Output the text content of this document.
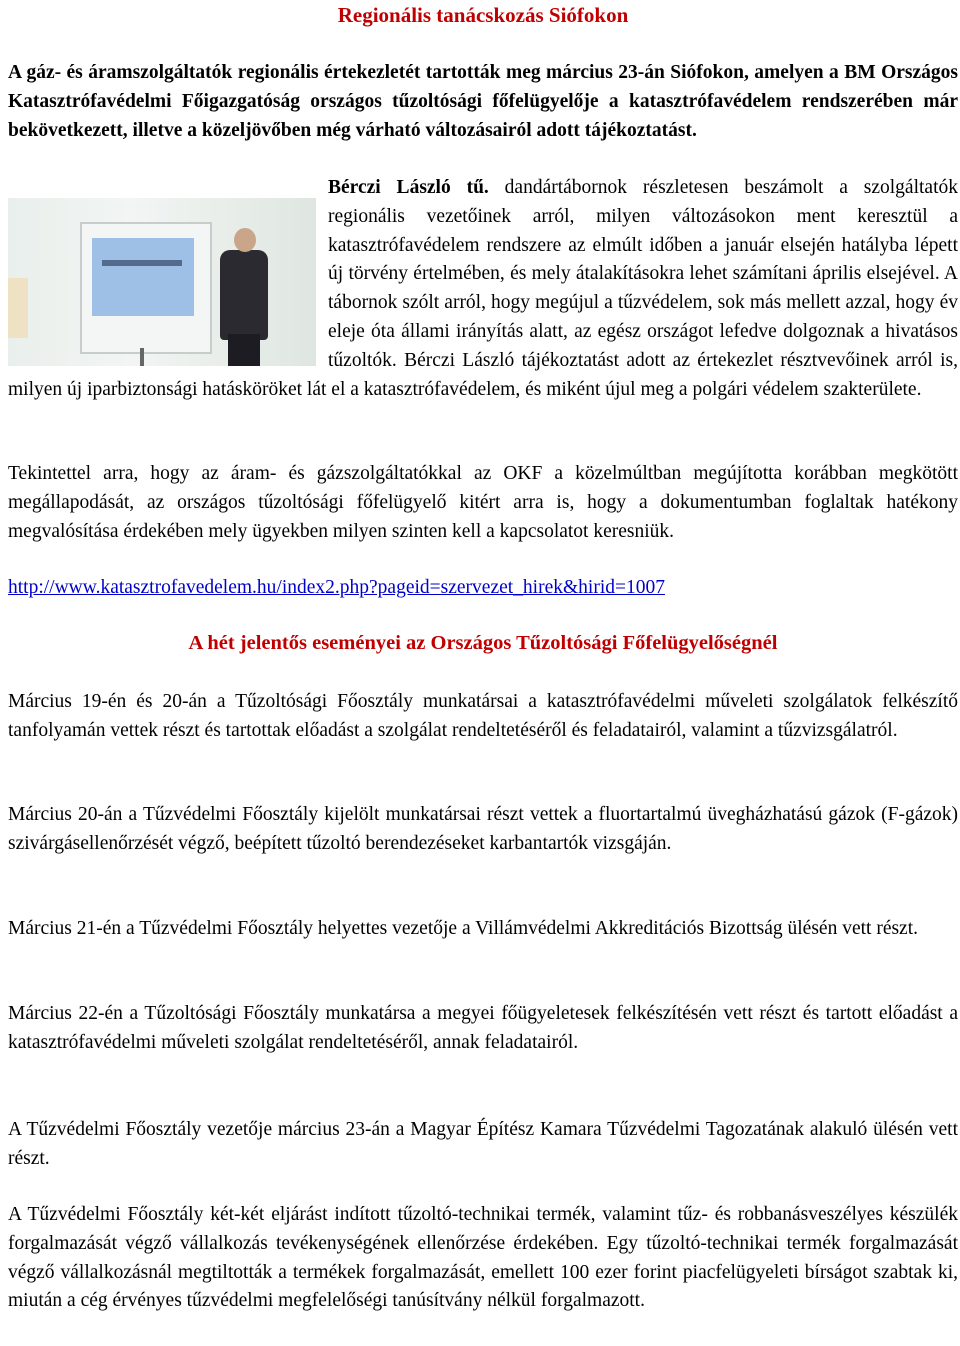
Regionális tanácskozás Siófokon

A gáz- és áramszolgáltatók regionális értekezletét tartották meg március 23-án Siófokon, amelyen a BM Országos Katasztrófavédelmi Főigazgatóság országos tűzoltósági főfelügyelője a katasztrófavédelem rendszerében már bekövetkezett, illetve a közeljövőben még várható változásairól adott tájékoztatást.

Bérczi László tű. dandártábornok részletesen beszámolt a szolgáltatók regionális vezetőinek arról, milyen változásokon ment keresztül a katasztrófavédelem rendszere az elmúlt időben a január elsején hatályba lépett új törvény értelmében, és mely átalakításokra lehet számítani április elsejével. A tábornok szólt arról, hogy megújul a tűzvédelem, sok más mellett azzal, hogy év eleje óta állami irányítás alatt, az egész országot lefedve dolgoznak a hivatásos tűzoltók. Bérczi László tájékoztatást adott az értekezlet résztvevőinek arról is, milyen új iparbiztonsági hatásköröket lát el a katasztrófavédelem, és miként újul meg a polgári védelem szakterülete.

Tekintettel arra, hogy az áram- és gázszolgáltatókkal az OKF a közelmúltban megújította korábban megkötött megállapodását, az országos tűzoltósági főfelügyelő kitért arra is, hogy a dokumentumban foglaltak hatékony megvalósítása érdekében mely ügyekben milyen szinten kell a kapcsolatot keresniük.

http://www.katasztrofavedelem.hu/index2.php?pageid=szervezet_hirek&hirid=1007

A hét jelentős eseményei az Országos Tűzoltósági Főfelügyelőségnél

Március 19-én és 20-án a Tűzoltósági Főosztály munkatársai a katasztrófavédelmi műveleti szolgálatok felkészítő tanfolyamán vettek részt és tartottak előadást a szolgálat rendeltetéséről és feladatairól, valamint a tűzvizsgálatról.

Március 20-án a Tűzvédelmi Főosztály kijelölt munkatársai részt vettek a fluortartalmú üvegházhatású gázok (F-gázok) szivárgásellenőrzését végző, beépített tűzoltó berendezéseket karbantartók vizsgáján.

Március 21-én a Tűzvédelmi Főosztály helyettes vezetője a Villámvédelmi Akkreditációs Bizottság ülésén vett részt.

Március 22-én a Tűzoltósági Főosztály munkatársa a megyei főügyeletesek felkészítésén vett részt és tartott előadást a katasztrófavédelmi műveleti szolgálat rendeltetéséről, annak feladatairól.

A Tűzvédelmi Főosztály vezetője március 23-án a Magyar Építész Kamara Tűzvédelmi Tagozatának alakuló ülésén vett részt.

A Tűzvédelmi Főosztály két-két eljárást indított tűzoltó-technikai termék, valamint tűz- és robbanásveszélyes készülék forgalmazását végző vállalkozás tevékenységének ellenőrzése érdekében. Egy tűzoltó-technikai termék forgalmazását végző vállalkozásnál megtiltották a termékek forgalmazását, emellett 100 ezer forint piacfelügyeleti bírságot szabtak ki, miután a cég érvényes tűzvédelmi megfelelőségi tanúsítvány nélkül forgalmazott.
